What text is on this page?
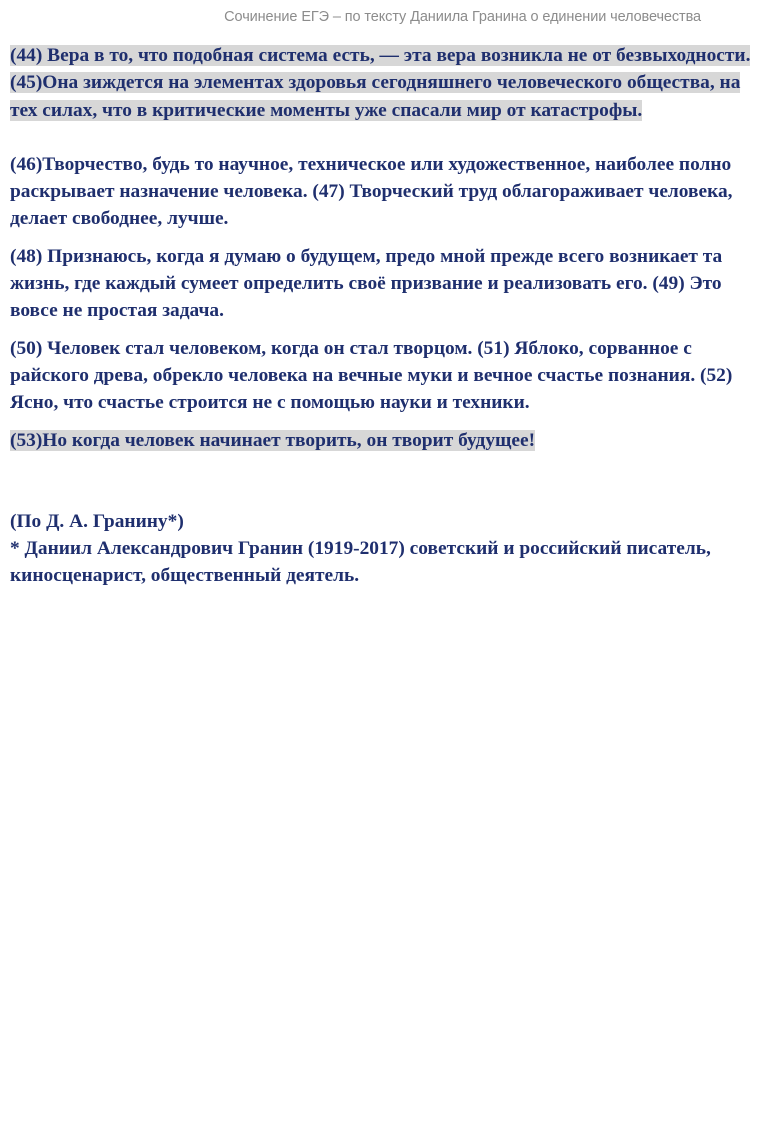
Сочинение ЕГЭ – по тексту Даниила Гранина о единении человечества

(44) Вера в то, что подобная система есть, — эта вера возникла не от безвыходности. (45)Она зиждется на элементах здоровья сегодняшнего человеческого общества, на тех силах, что в критические моменты уже спасали мир от катастрофы.

(46)Творчество, будь то научное, техническое или художественное, наиболее полно раскрывает назначение человека. (47) Творческий труд облагораживает человека, делает свободнее, лучше.

(48) Признаюсь, когда я думаю о будущем, предо мной прежде всего возникает та жизнь, где каждый сумеет определить своё призвание и реализовать его. (49) Это вовсе не простая задача.

(50) Человек стал человеком, когда он стал творцом. (51) Яблоко, сорванное с райского древа, обрекло человека на вечные муки и вечное счастье познания. (52) Ясно, что счастье строится не с помощью науки и техники.

(53)Но когда человек начинает творить, он творит будущее!

(По Д. А. Гранину*)

* Даниил Александрович Гранин (1919-2017) советский и российский писатель, киносценарист, общественный деятель.
